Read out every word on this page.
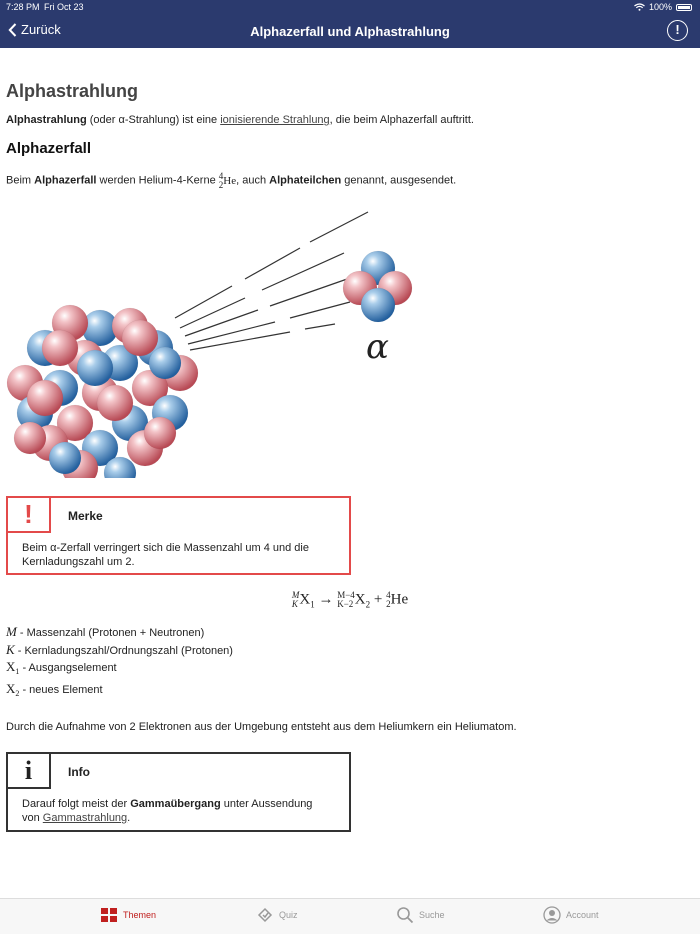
7:28 PM Fri Oct 23	100%
Zurück	Alphazerfall und Alphastrahlung	!
Alphastrahlung

Alphastrahlung (oder α-Strahlung) ist eine ionisierende Strahlung, die beim Alphazerfall auftritt.

Alphazerfall

Beim Alphazerfall werden Helium-4-Kerne 4
2He, auch Alphateilchen genannt, ausgesendet.

α
!	Merke
Beim α-Zerfall verringert sich die Massenzahl um 4 und die Kernladungszahl um 2.
M
$KX_1 \to M-4$
K−2 $X_2 + 4$
2He
M - Massenzahl (Protonen + Neutronen)
K - Kernladungszahl/Ordnungszahl (Protonen)
$X_1$ - Ausgangselement
$X_2$ - neues Element

Durch die Aufnahme von 2 Elektronen aus der Umgebung entsteht aus dem Heliumkern ein Heliumatom.

i	Info
Darauf folgt meist der Gammaübergang unter Aussendung von Gammastrahlung.
Themen	Quiz	Suche	Account
